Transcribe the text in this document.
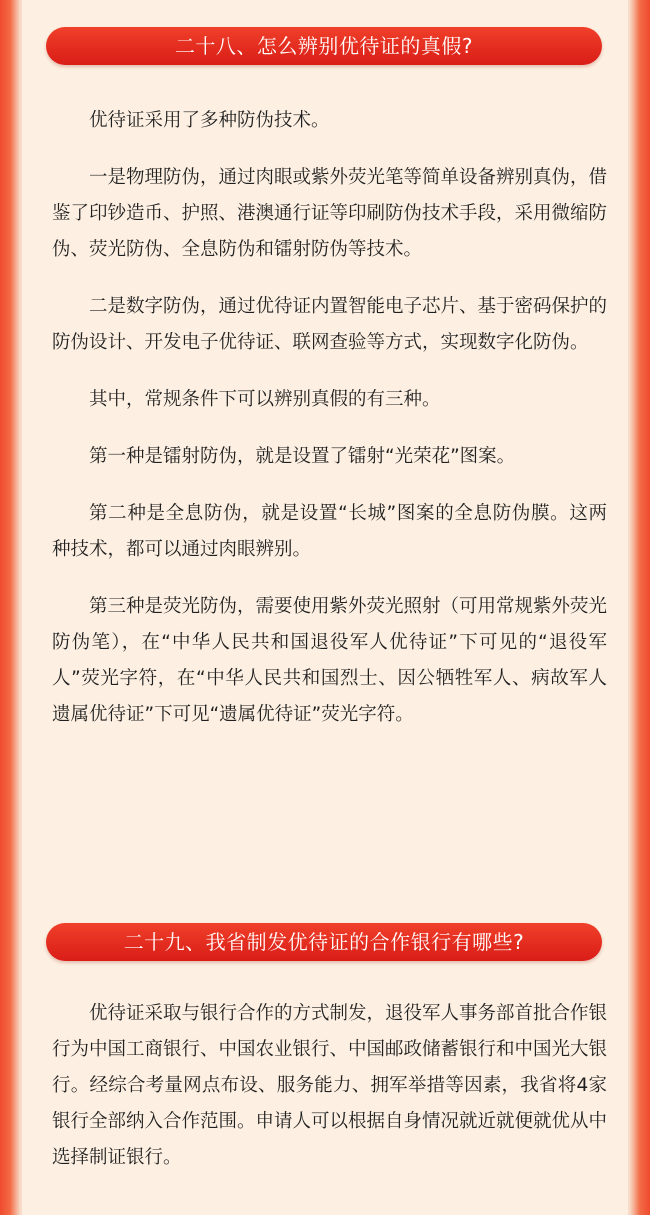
二十八、怎么辨别优待证的真假?

优待证采用了多种防伪技术。

一是物理防伪，通过肉眼或紫外荧光笔等简单设备辨别真伪，借鉴了印钞造币、护照、港澳通行证等印刷防伪技术手段，采用微缩防伪、荧光防伪、全息防伪和镭射防伪等技术。

二是数字防伪，通过优待证内置智能电子芯片、基于密码保护的防伪设计、开发电子优待证、联网查验等方式，实现数字化防伪。

其中，常规条件下可以辨别真假的有三种。

第一种是镭射防伪，就是设置了镭射“光荣花”图案。

第二种是全息防伪，就是设置“长城”图案的全息防伪膜。这两种技术，都可以通过肉眼辨别。

第三种是荧光防伪，需要使用紫外荧光照射（可用常规紫外荧光防伪笔），在“中华人民共和国退役军人优待证”下可见的“退役军人”荧光字符，在“中华人民共和国烈士、因公牺牲军人、病故军人遗属优待证”下可见“遗属优待证”荧光字符。

二十九、我省制发优待证的合作银行有哪些?

优待证采取与银行合作的方式制发，退役军人事务部首批合作银行为中国工商银行、中国农业银行、中国邮政储蓄银行和中国光大银行。经综合考量网点布设、服务能力、拥军举措等因素，我省将4家银行全部纳入合作范围。申请人可以根据自身情况就近就便就优从中选择制证银行。
